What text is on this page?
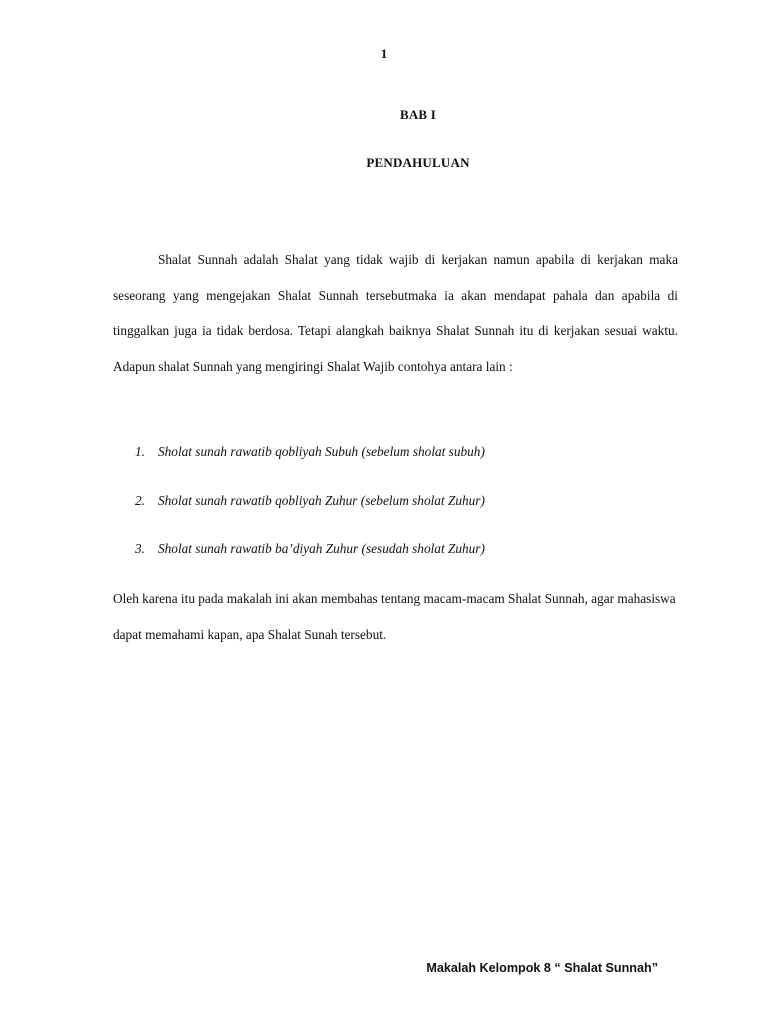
1
BAB I
PENDAHULUAN

Shalat Sunnah adalah Shalat yang tidak wajib di kerjakan namun apabila di kerjakan maka seseorang yang mengejakan Shalat Sunnah tersebutmaka ia akan mendapat pahala dan apabila di tinggalkan juga ia tidak berdosa. Tetapi alangkah baiknya Shalat Sunnah itu di kerjakan sesuai waktu. Adapun shalat Sunnah yang mengiringi Shalat Wajib contohya antara lain :

1. Sholat sunah rawatib qobliyah Subuh (sebelum sholat subuh)
2. Sholat sunah rawatib qobliyah Zuhur (sebelum sholat Zuhur)
3. Sholat sunah rawatib ba’diyah Zuhur (sesudah sholat Zuhur)

Oleh karena itu pada makalah ini akan membahas tentang macam-macam Shalat Sunnah, agar mahasiswa dapat memahami kapan, apa Shalat Sunah tersebut.

Makalah Kelompok 8 “ Shalat Sunnah”
